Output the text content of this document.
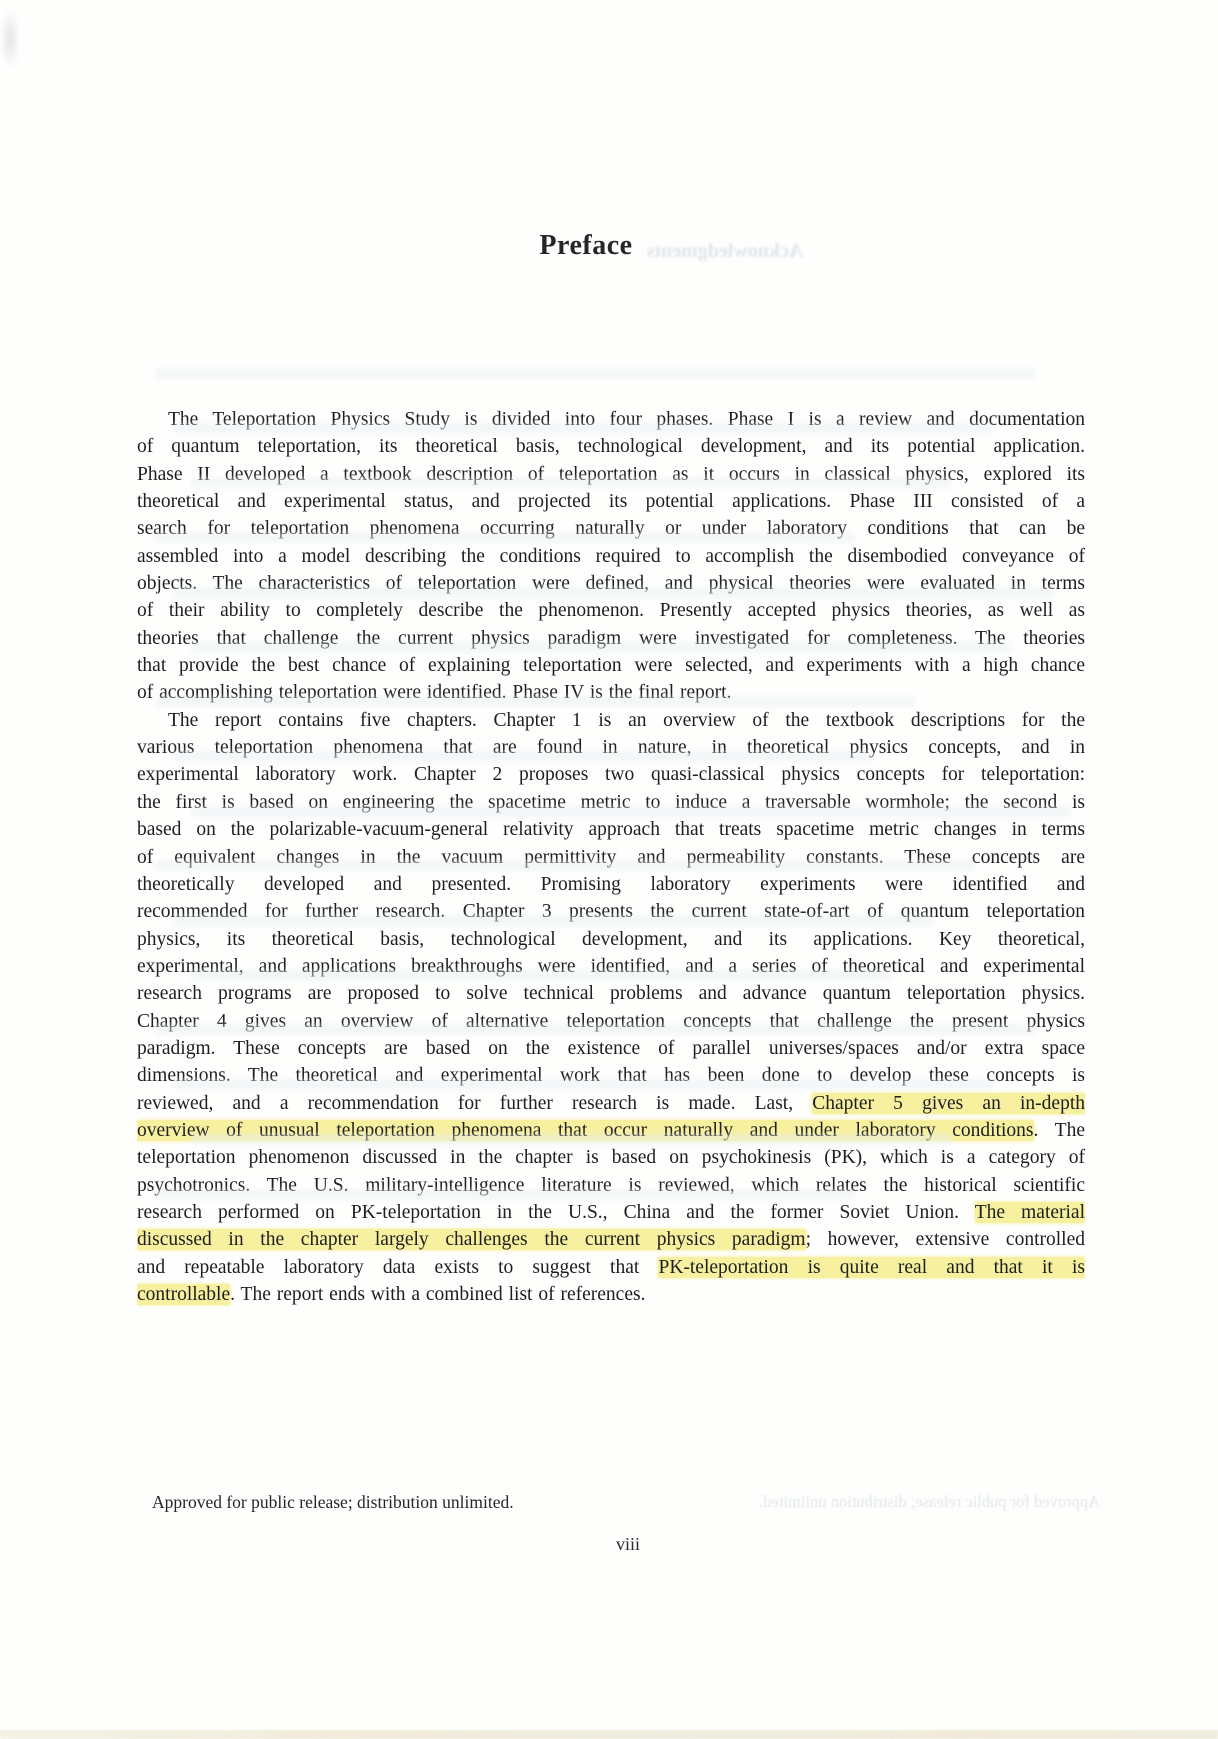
Acknowledgments
Preface
The Teleportation Physics Study is divided into four phases. Phase I is a review and documentation
of quantum teleportation, its theoretical basis, technological development, and its potential application.
Phase II developed a textbook description of teleportation as it occurs in classical physics, explored its
theoretical and experimental status, and projected its potential applications. Phase III consisted of a
search for teleportation phenomena occurring naturally or under laboratory conditions that can be
assembled into a model describing the conditions required to accomplish the disembodied conveyance of
objects. The characteristics of teleportation were defined, and physical theories were evaluated in terms
of their ability to completely describe the phenomenon. Presently accepted physics theories, as well as
theories that challenge the current physics paradigm were investigated for completeness. The theories
that provide the best chance of explaining teleportation were selected, and experiments with a high chance
of accomplishing teleportation were identified. Phase IV is the final report.
The report contains five chapters. Chapter 1 is an overview of the textbook descriptions for the
various teleportation phenomena that are found in nature, in theoretical physics concepts, and in
experimental laboratory work. Chapter 2 proposes two quasi-classical physics concepts for teleportation:
the first is based on engineering the spacetime metric to induce a traversable wormhole; the second is
based on the polarizable-vacuum-general relativity approach that treats spacetime metric changes in terms
of equivalent changes in the vacuum permittivity and permeability constants. These concepts are
theoretically developed and presented. Promising laboratory experiments were identified and
recommended for further research. Chapter 3 presents the current state-of-art of quantum teleportation
physics, its theoretical basis, technological development, and its applications. Key theoretical,
experimental, and applications breakthroughs were identified, and a series of theoretical and experimental
research programs are proposed to solve technical problems and advance quantum teleportation physics.
Chapter 4 gives an overview of alternative teleportation concepts that challenge the present physics
paradigm. These concepts are based on the existence of parallel universes/spaces and/or extra space
dimensions. The theoretical and experimental work that has been done to develop these concepts is
reviewed, and a recommendation for further research is made. Last, Chapter 5 gives an in-depth
overview of unusual teleportation phenomena that occur naturally and under laboratory conditions. The
teleportation phenomenon discussed in the chapter is based on psychokinesis (PK), which is a category of
psychotronics. The U.S. military-intelligence literature is reviewed, which relates the historical scientific
research performed on PK-teleportation in the U.S., China and the former Soviet Union. The material
discussed in the chapter largely challenges the current physics paradigm; however, extensive controlled
and repeatable laboratory data exists to suggest that PK-teleportation is quite real and that it is
controllable. The report ends with a combined list of references.
Approved for public release; distribution unlimited.	Approved for public release; distribution unlimited.
viii
